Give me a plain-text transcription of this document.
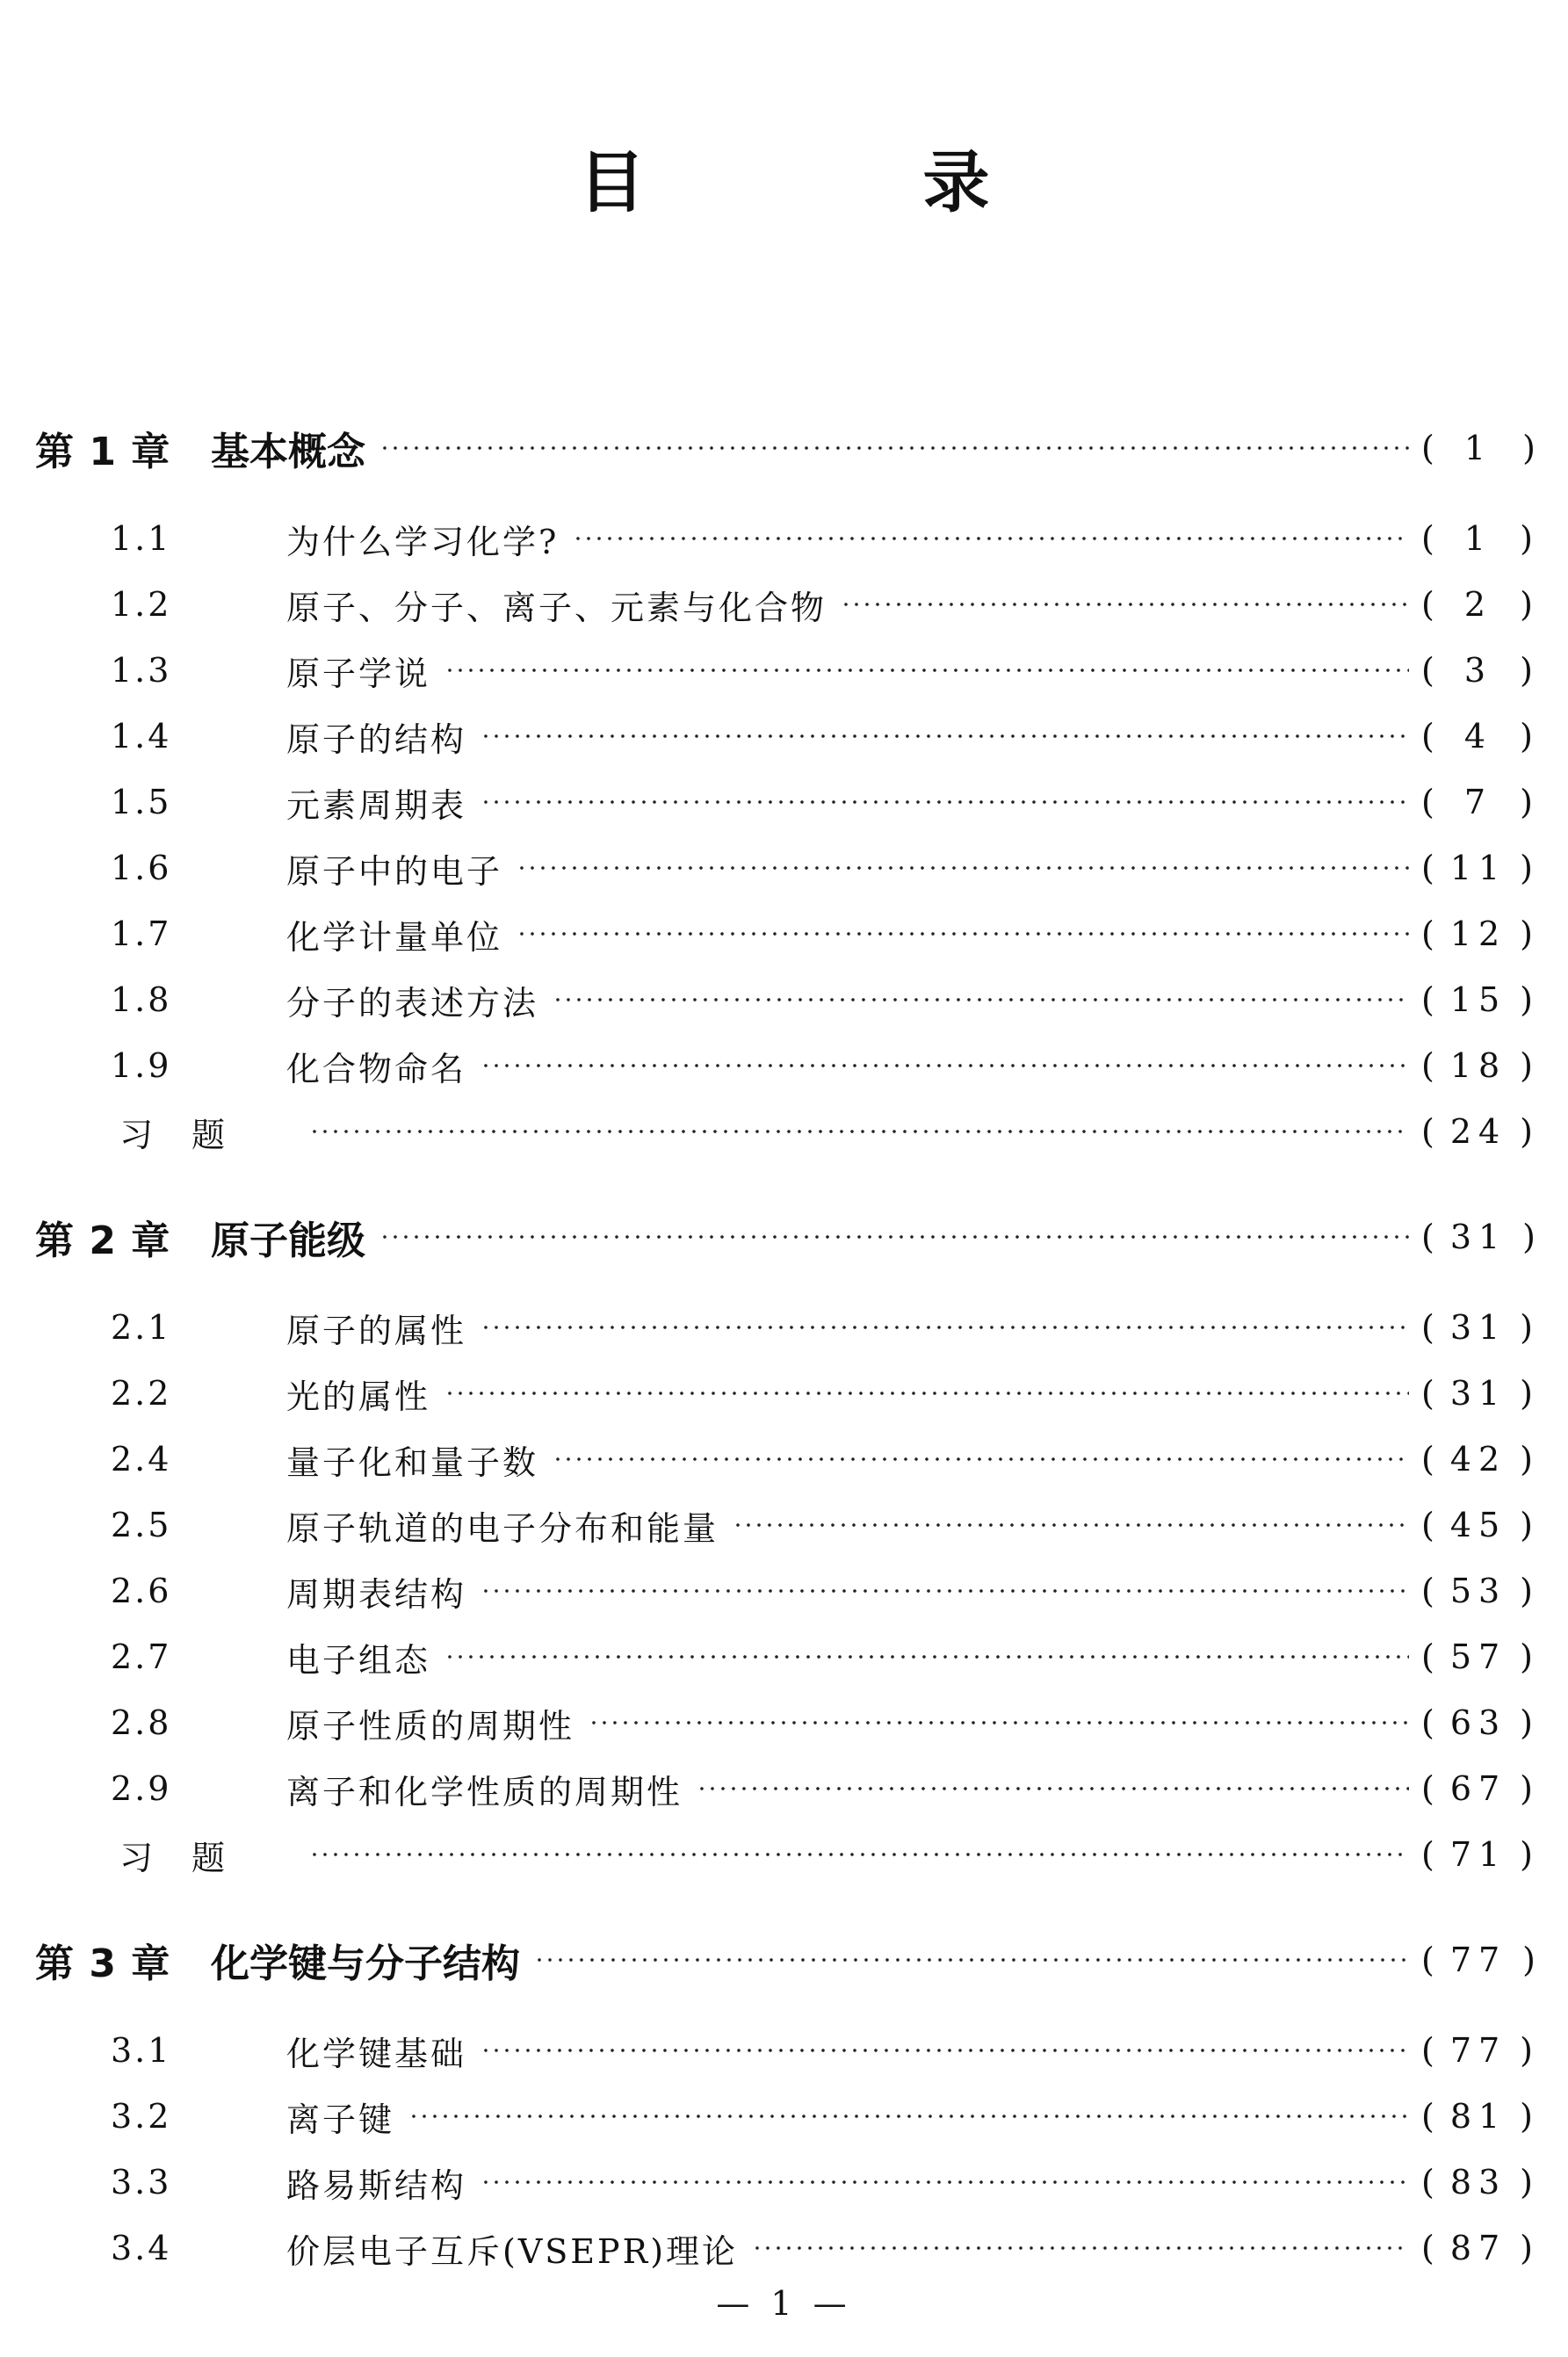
目　录
第 1 章	基本概念	( 1 )
1.1	为什么学习化学?	( 1 )
1.2	原子、分子、离子、元素与化合物	( 2 )
1.3	原子学说	( 3 )
1.4	原子的结构	( 4 )
1.5	元素周期表	( 7 )
1.6	原子中的电子	( 11 )
1.7	化学计量单位	( 12 )
1.8	分子的表述方法	( 15 )
1.9	化合物命名	( 18 )
习题	( 24 )
第 2 章	原子能级	( 31 )
2.1	原子的属性	( 31 )
2.2	光的属性	( 31 )
2.4	量子化和量子数	( 42 )
2.5	原子轨道的电子分布和能量	( 45 )
2.6	周期表结构	( 53 )
2.7	电子组态	( 57 )
2.8	原子性质的周期性	( 63 )
2.9	离子和化学性质的周期性	( 67 )
习题	( 71 )
第 3 章	化学键与分子结构	( 77 )
3.1	化学键基础	( 77 )
3.2	离子键	( 81 )
3.3	路易斯结构	( 83 )
3.4	价层电子互斥(VSEPR)理论	( 87 )
— 1 —
